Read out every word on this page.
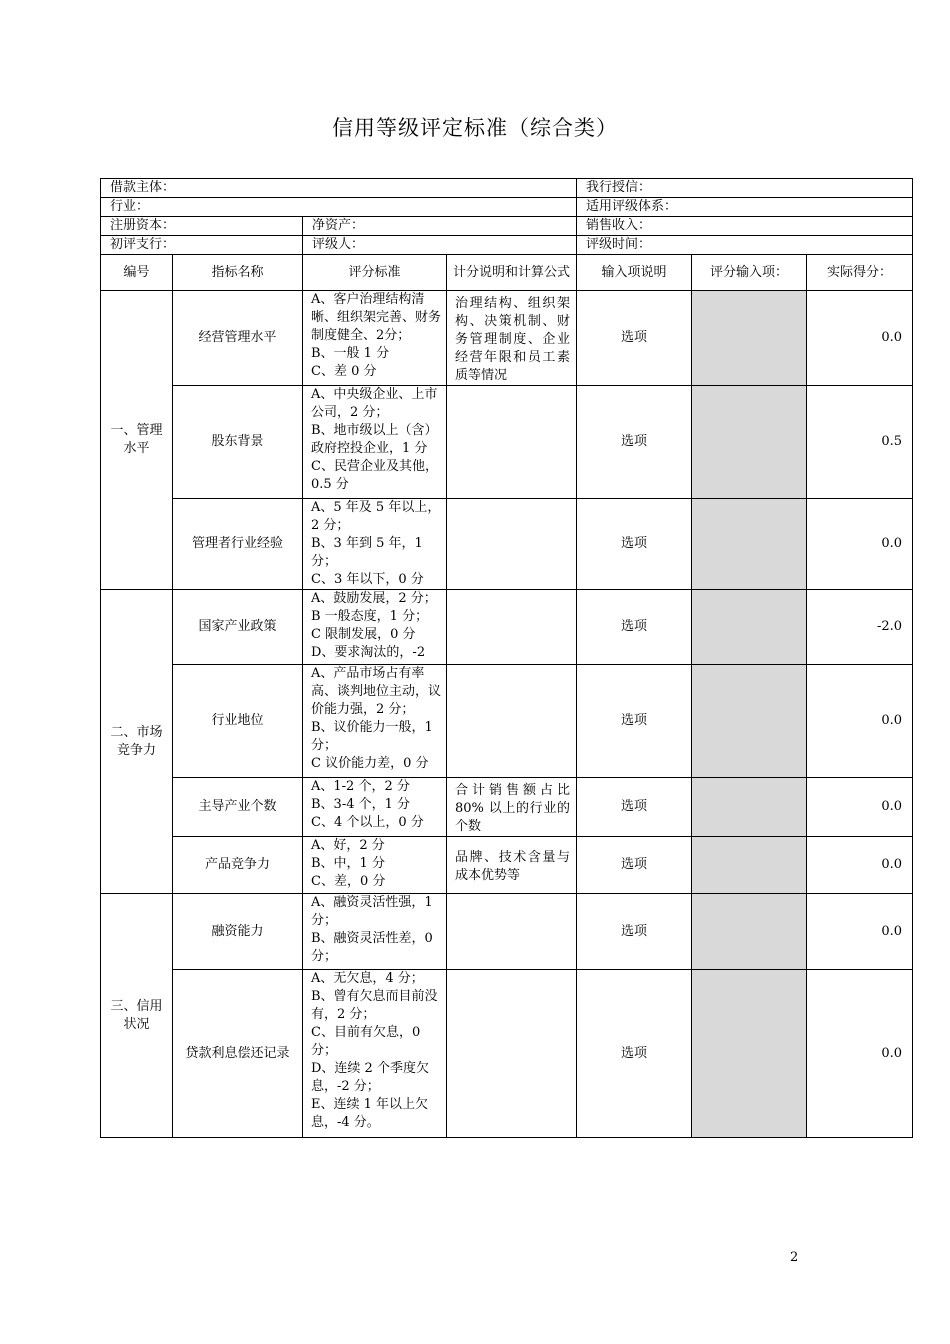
信用等级评定标准（综合类）
借款主体：				我行授信：		
行业：				适用评级体系：		
注册资本：		净资产：		销售收入：		
初评支行：		评级人：		评级时间：		
编号	指标名称	评分标准	计分说明和计算公式	输入项说明	评分输入项：	实际得分：
一、管理水平	经营管理水平	A、客户治理结构清晰、组织架完善、财务制度健全、2分；
B、一般 1 分
C、差 0 分	治理结构、组织架构、决策机制、财务管理制度、企业经营年限和员工素质等情况	选项		0.0
	股东背景	A、中央级企业、上市公司，2 分；
B、地市级以上（含）政府控投企业，1 分
C、民营企业及其他，0.5 分		选项		0.5
	管理者行业经验	A、5 年及 5 年以上，2 分；
B、3 年到 5 年，1 分；
C、3 年以下，0 分		选项		0.0
二、市场竞争力	国家产业政策	A、鼓励发展，2 分；
B 一般态度，1 分；
C 限制发展，0 分
D、要求淘汰的，-2		选项		-2.0
	行业地位	A、产品市场占有率高、谈判地位主动，议价能力强，2 分；
B、议价能力一般，1 分；
C 议价能力差，0 分		选项		0.0
	主导产业个数	A、1-2 个，2 分
B、3-4 个，1 分
C、4 个以上，0 分	合计销售额占比 80% 以上的行业的个数	选项		0.0
	产品竞争力	A、好，2 分
B、中，1 分
C、差，0 分	品牌、技术含量与成本优势等	选项		0.0
三、信用状况	融资能力	A、融资灵活性强，1 分；
B、融资灵活性差，0 分；		选项		0.0
	贷款利息偿还记录	A、无欠息，4 分；
B、曾有欠息而目前没有，2 分；
C、目前有欠息，0 分；
D、连续 2 个季度欠息，-2 分；
E、连续 1 年以上欠息，-4 分。		选项		0.0
2
